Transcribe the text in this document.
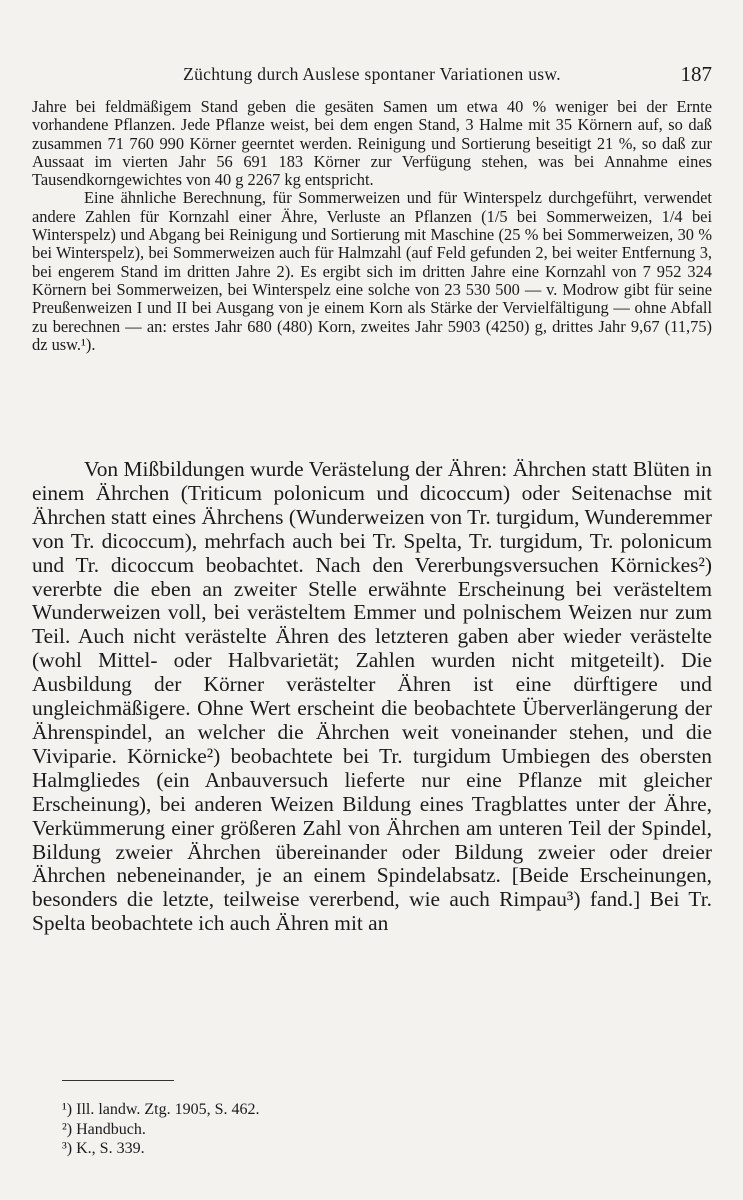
Züchtung durch Auslese spontaner Variationen usw.	187

Jahre bei feldmäßigem Stand geben die gesäten Samen um etwa 40 % weniger bei der Ernte vorhandene Pflanzen. Jede Pflanze weist, bei dem engen Stand, 3 Halme mit 35 Körnern auf, so daß zusammen 71 760 990 Körner geerntet werden. Reinigung und Sortierung beseitigt 21 %, so daß zur Aussaat im vierten Jahr 56 691 183 Körner zur Verfügung stehen, was bei Annahme eines Tausendkorngewichtes von 40 g 2267 kg entspricht.

Eine ähnliche Berechnung, für Sommerweizen und für Winterspelz durchgeführt, verwendet andere Zahlen für Kornzahl einer Ähre, Verluste an Pflanzen (1/5 bei Sommerweizen, 1/4 bei Winterspelz) und Abgang bei Reinigung und Sortierung mit Maschine (25 % bei Sommerweizen, 30 % bei Winterspelz), bei Sommerweizen auch für Halmzahl (auf Feld gefunden 2, bei weiter Entfernung 3, bei engerem Stand im dritten Jahre 2). Es ergibt sich im dritten Jahre eine Kornzahl von 7 952 324 Körnern bei Sommerweizen, bei Winterspelz eine solche von 23 530 500 — v. Modrow gibt für seine Preußenweizen I und II bei Ausgang von je einem Korn als Stärke der Vervielfältigung — ohne Abfall zu berechnen — an: erstes Jahr 680 (480) Korn, zweites Jahr 5903 (4250) g, drittes Jahr 9,67 (11,75) dz usw.¹).

Von Mißbildungen wurde Verästelung der Ähren: Ährchen statt Blüten in einem Ährchen (Triticum polonicum und dicoccum) oder Seitenachse mit Ährchen statt eines Ährchens (Wunderweizen von Tr. turgidum, Wunderemmer von Tr. dicoccum), mehrfach auch bei Tr. Spelta, Tr. turgidum, Tr. polonicum und Tr. dicoccum beobachtet. Nach den Vererbungsversuchen Körnickes²) vererbte die eben an zweiter Stelle erwähnte Erscheinung bei verästeltem Wunderweizen voll, bei verästeltem Emmer und polnischem Weizen nur zum Teil. Auch nicht verästelte Ähren des letzteren gaben aber wieder verästelte (wohl Mittel- oder Halbvarietät; Zahlen wurden nicht mitgeteilt). Die Ausbildung der Körner verästelter Ähren ist eine dürftigere und ungleichmäßigere. Ohne Wert erscheint die beobachtete Überverlängerung der Ährenspindel, an welcher die Ährchen weit voneinander stehen, und die Viviparie. Körnicke²) beobachtete bei Tr. turgidum Umbiegen des obersten Halmgliedes (ein Anbauversuch lieferte nur eine Pflanze mit gleicher Erscheinung), bei anderen Weizen Bildung eines Tragblattes unter der Ähre, Verkümmerung einer größeren Zahl von Ährchen am unteren Teil der Spindel, Bildung zweier Ährchen übereinander oder Bildung zweier oder dreier Ährchen nebeneinander, je an einem Spindelabsatz. [Beide Erscheinungen, besonders die letzte, teilweise vererbend, wie auch Rimpau³) fand.] Bei Tr. Spelta beobachtete ich auch Ähren mit an

¹) Ill. landw. Ztg. 1905, S. 462.
²) Handbuch.
³) K., S. 339.
